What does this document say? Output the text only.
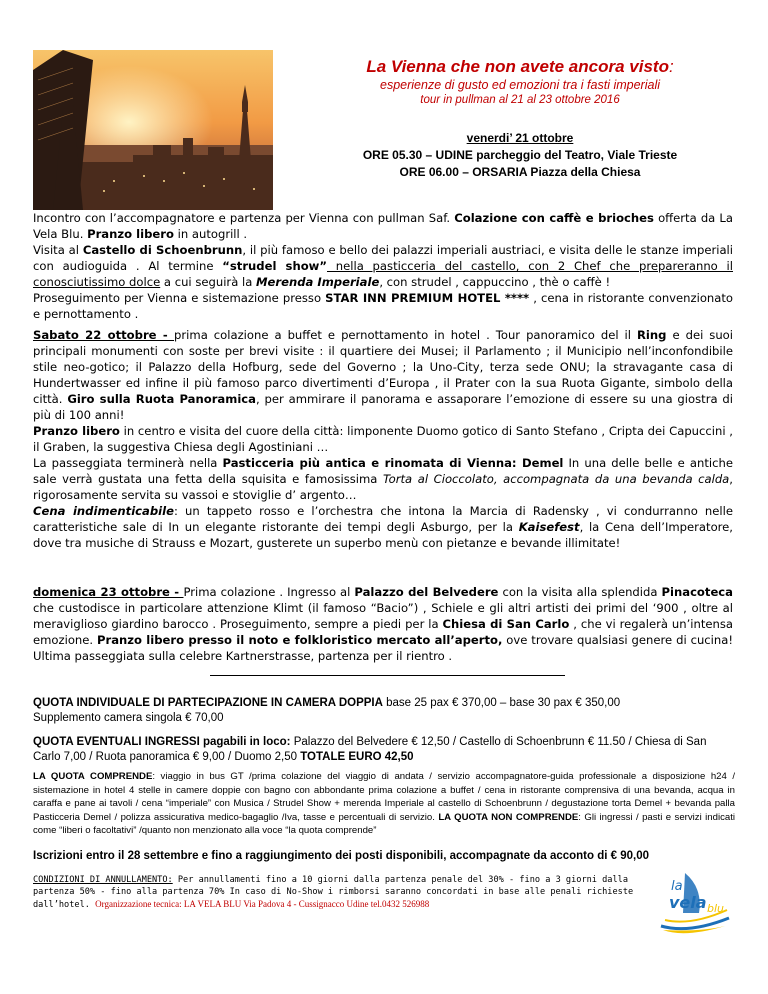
La Vienna che non avete ancora visto:
esperienze di gusto ed emozioni tra i fasti imperiali
tour in pullman al 21 al 23 ottobre 2016
venerdi’ 21 ottobre
ORE 05.30 – UDINE parcheggio del Teatro, Viale Trieste
ORE 06.00 – ORSARIA Piazza della Chiesa

Incontro con l’accompagnatore e partenza per Vienna con pullman Saf. Colazione con caffè e brioches offerta da La Vela Blu. Pranzo libero in autogrill .

Visita al Castello di Schoenbrunn, il più famoso e bello dei palazzi imperiali austriaci, e visita delle le stanze imperiali con audioguida . Al termine “strudel show” nella pasticceria del castello, con 2 Chef che prepareranno il conosciutissimo dolce a cui seguirà la Merenda Imperiale, con strudel , cappuccino , thè o caffè !

Proseguimento per Vienna e sistemazione presso STAR INN PREMIUM HOTEL **** , cena in ristorante convenzionato e pernottamento .

Sabato 22 ottobre - prima colazione a buffet e pernottamento in hotel . Tour panoramico del il Ring e dei suoi principali monumenti con soste per brevi visite : il quartiere dei Musei; il Parlamento ; il Municipio nell’inconfondibile stile neo-gotico; il Palazzo della Hofburg, sede del Governo ; la Uno-City, terza sede ONU; la stravagante casa di Hundertwasser ed infine il più famoso parco divertimenti d’Europa , il Prater con la sua Ruota Gigante, simbolo della città. Giro sulla Ruota Panoramica, per ammirare il panorama e assaporare l’emozione di essere su una giostra di più di 100 anni!

Pranzo libero in centro e visita del cuore della città: limponente Duomo gotico di Santo Stefano , Cripta dei Capuccini , il Graben, la suggestiva Chiesa degli Agostiniani …

La passeggiata terminerà nella Pasticceria più antica e rinomata di Vienna: Demel In una delle belle e antiche sale verrà gustata una fetta della squisita e famosissima Torta al Cioccolato, accompagnata da una bevanda calda, rigorosamente servita su vassoi e stoviglie d’ argento…

Cena indimenticabile: un tappeto rosso e l’orchestra che intona la Marcia di Radensky , vi condurranno nelle caratteristiche sale di In un elegante ristorante dei tempi degli Asburgo, per la Kaisefest, la Cena dell’Imperatore, dove tra musiche di Strauss e Mozart, gusterete un superbo menù con pietanze e bevande illimitate!

domenica 23 ottobre - Prima colazione . Ingresso al Palazzo del Belvedere con la visita alla splendida Pinacoteca che custodisce in particolare attenzione Klimt (il famoso “Bacio”) , Schiele e gli altri artisti dei primi del ‘900 , oltre al meraviglioso giardino barocco . Proseguimento, sempre a piedi per la Chiesa di San Carlo , che vi regalerà un’intensa emozione. Pranzo libero presso il noto e folkloristico mercato all’aperto, ove trovare qualsiasi genere di cucina! Ultima passeggiata sulla celebre Kartnerstrasse, partenza per il rientro .

QUOTA INDIVIDUALE DI PARTECIPAZIONE IN CAMERA DOPPIA base 25 pax € 370,00 – base 30 pax € 350,00
Supplemento camera singola € 70,00
QUOTA EVENTUALI INGRESSI pagabili in loco: Palazzo del Belvedere € 12,50 / Castello di Schoenbrunn € 11.50 / Chiesa di San Carlo 7,00 / Ruota panoramica € 9,00 / Duomo 2,50 TOTALE EURO 42,50
LA QUOTA COMPRENDE: viaggio in bus GT /prima colazione del viaggio di andata / servizio accompagnatore-guida professionale a disposizione h24 / sistemazione in hotel 4 stelle in camere doppie con bagno con abbondante prima colazione a buffet / cena in ristorante comprensiva di una bevanda, acqua in caraffa e pane ai tavoli / cena “imperiale” con Musica / Strudel Show + merenda Imperiale al castello di Schoenbrunn / degustazione torta Demel + bevanda palla Pasticceria Demel / polizza assicurativa medico-bagaglio /Iva, tasse e percentuali di servizio. LA QUOTA NON COMPRENDE: Gli ingressi / pasti e servizi indicati come “liberi o facoltativi” /quanto non menzionato alla voce “la quota comprende”
Iscrizioni entro il 28 settembre e fino a raggiungimento dei posti disponibili, accompagnate da acconto di € 90,00
CONDIZIONI DI ANNULLAMENTO: Per annullamenti fino a 10 giorni dalla partenza penale del 30% - fino a 3 giorni dalla partenza 50% - fino alla partenza 70% In caso di No-Show i rimborsi saranno concordati in base alle penali richieste dall’hotel. Organizzazione tecnica: LA VELA BLU Via Padova 4 - Cussignacco Udine tel.0432 526988
la
vela blu
